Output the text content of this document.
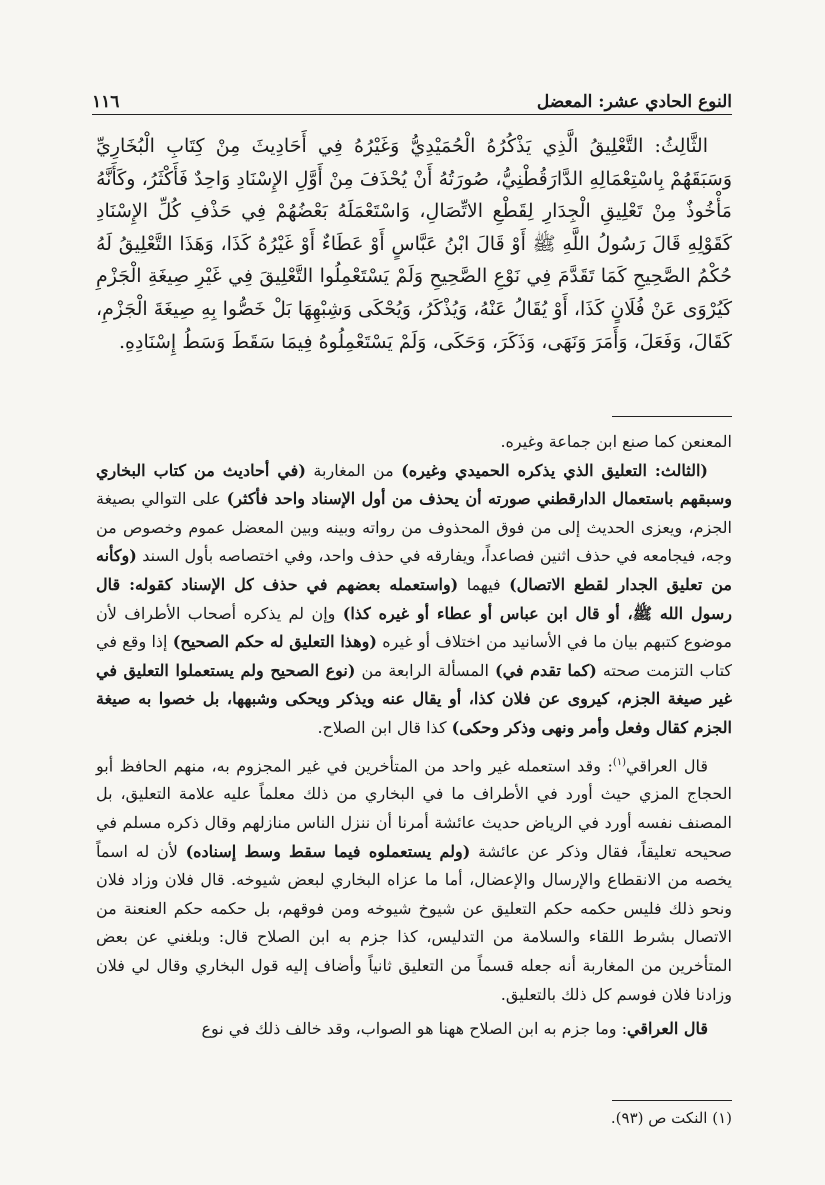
١١٦	النوع الحادي عشر: المعضل

الثَّالِثُ: التَّعْلِيقُ الَّذِي يَذْكُرُهُ الْحُمَيْدِيُّ وَغَيْرُهُ فِي أَحَادِيثَ مِنْ كِتَابِ الْبُخَارِيِّ وَسَبَقَهُمْ بِاسْتِعْمَالِهِ الدَّارَقُطْنِيُّ، صُورَتُهُ أَنْ يُحْذَفَ مِنْ أَوَّلِ الإِسْنَادِ وَاحِدٌ فَأَكْثَرُ، وكَأَنَّهُ مَأْخُوذٌ مِنْ تَعْلِيقِ الْجِدَارِ لِقَطْعِ الاتِّصَالِ، وَاسْتَعْمَلَهُ بَعْضُهُمْ فِي حَذْفِ كُلِّ الإِسْنَادِ كَقَوْلِهِ قَالَ رَسُولُ اللَّهِ ﷺ أَوْ قَالَ ابْنُ عَبَّاسٍ أَوْ عَطَاءٌ أَوْ غَيْرُهُ كَذَا، وَهَذَا التَّعْلِيقُ لَهُ حُكْمُ الصَّحِيحِ كَمَا تَقَدَّمَ فِي نَوْعِ الصَّحِيحِ وَلَمْ يَسْتَعْمِلُوا التَّعْلِيقَ فِي غَيْرِ صِيغَةِ الْجَزْمِ كَيُرْوَى عَنْ فُلَانٍ كَذَا، أَوْ يُقَالُ عَنْهُ، وَيُذْكَرُ، وَيُحْكَى وَشِبْهِهَا بَلْ خَصُّوا بِهِ صِيغَةَ الْجَزْمِ، كَقَالَ، وَفَعَلَ، وَأَمَرَ وَنَهَى، وَذَكَرَ، وَحَكَى، وَلَمْ يَسْتَعْمِلُوهُ فِيمَا سَقَطَ وَسَطُ إِسْنَادِهِ.

المعنعن كما صنع ابن جماعة وغيره.

(الثالث: التعليق الذي يذكره الحميدي وغيره) من المغاربة (في أحاديث من كتاب البخاري وسبقهم باستعمال الدارقطني صورته أن يحذف من أول الإسناد واحد فأكثر) على التوالي بصيغة الجزم، ويعزى الحديث إلى من فوق المحذوف من رواته وبينه وبين المعضل عموم وخصوص من وجه، فيجامعه في حذف اثنين فصاعداً، ويفارقه في حذف واحد، وفي اختصاصه بأول السند (وكأنه من تعليق الجدار لقطع الاتصال) فيهما (واستعمله بعضهم في حذف كل الإسناد كقوله: قال رسول الله ﷺ، أو قال ابن عباس أو عطاء أو غيره كذا) وإن لم يذكره أصحاب الأطراف لأن موضوع كتبهم بيان ما في الأسانيد من اختلاف أو غيره (وهذا التعليق له حكم الصحيح) إذا وقع في كتاب التزمت صحته (كما تقدم في) المسألة الرابعة من (نوع الصحيح ولم يستعملوا التعليق في غير صيغة الجزم، كيروى عن فلان كذا، أو يقال عنه ويذكر ويحكى وشبهها، بل خصوا به صيغة الجزم كقال وفعل وأمر ونهى وذكر وحكى) كذا قال ابن الصلاح.

قال العراقي$^{(١)}$: وقد استعمله غير واحد من المتأخرين في غير المجزوم به، منهم الحافظ أبو الحجاج المزي حيث أورد في الأطراف ما في البخاري من ذلك معلماً عليه علامة التعليق، بل المصنف نفسه أورد في الرياض حديث عائشة أمرنا أن ننزل الناس منازلهم وقال ذكره مسلم في صحيحه تعليقاً، فقال وذكر عن عائشة (ولم يستعملوه فيما سقط وسط إسناده) لأن له اسماً يخصه من الانقطاع والإرسال والإعضال، أما ما عزاه البخاري لبعض شيوخه. قال فلان وزاد فلان ونحو ذلك فليس حكمه حكم التعليق عن شيوخ شيوخه ومن فوقهم، بل حكمه حكم العنعنة من الاتصال بشرط اللقاء والسلامة من التدليس، كذا جزم به ابن الصلاح قال: وبلغني عن بعض المتأخرين من المغاربة أنه جعله قسماً من التعليق ثانياً وأضاف إليه قول البخاري وقال لي فلان وزادنا فلان فوسم كل ذلك بالتعليق.

قال العراقي: وما جزم به ابن الصلاح ههنا هو الصواب، وقد خالف ذلك في نوع

(١) النكت ص (٩٣).
